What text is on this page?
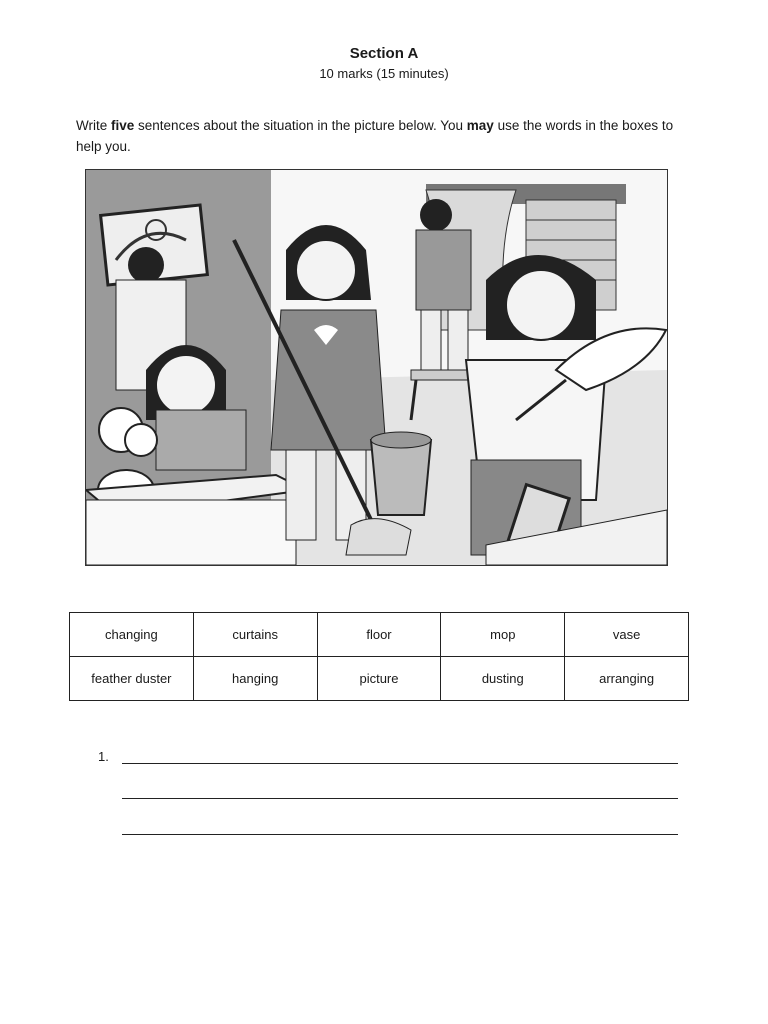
Section A
10 marks (15 minutes)
Write five sentences about the situation in the picture below. You may use the words in the boxes to help you.
changing	curtains	floor	mop	vase
feather duster	hanging	picture	dusting	arranging
1.
